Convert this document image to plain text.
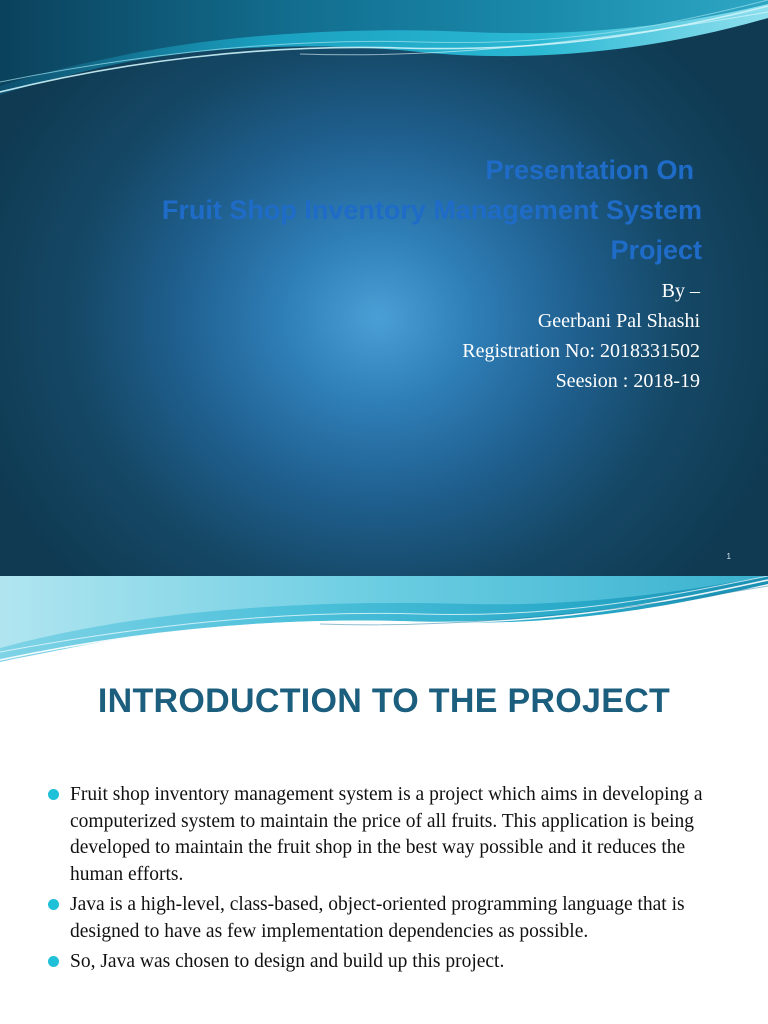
Presentation On
Fruit Shop Inventory Management System
Project
By –
Geerbani Pal Shashi
Registration No: 2018331502
Seesion : 2018-19
1
INTRODUCTION TO THE PROJECT
Fruit shop inventory management system is a project which aims in developing a computerized system to maintain the price of all fruits. This application is being developed to maintain the fruit shop in the best way possible and it reduces the human efforts.
Java is a high-level, class-based, object-oriented programming language that is designed to have as few implementation dependencies as possible.
So, Java was chosen to design and build up this project.
